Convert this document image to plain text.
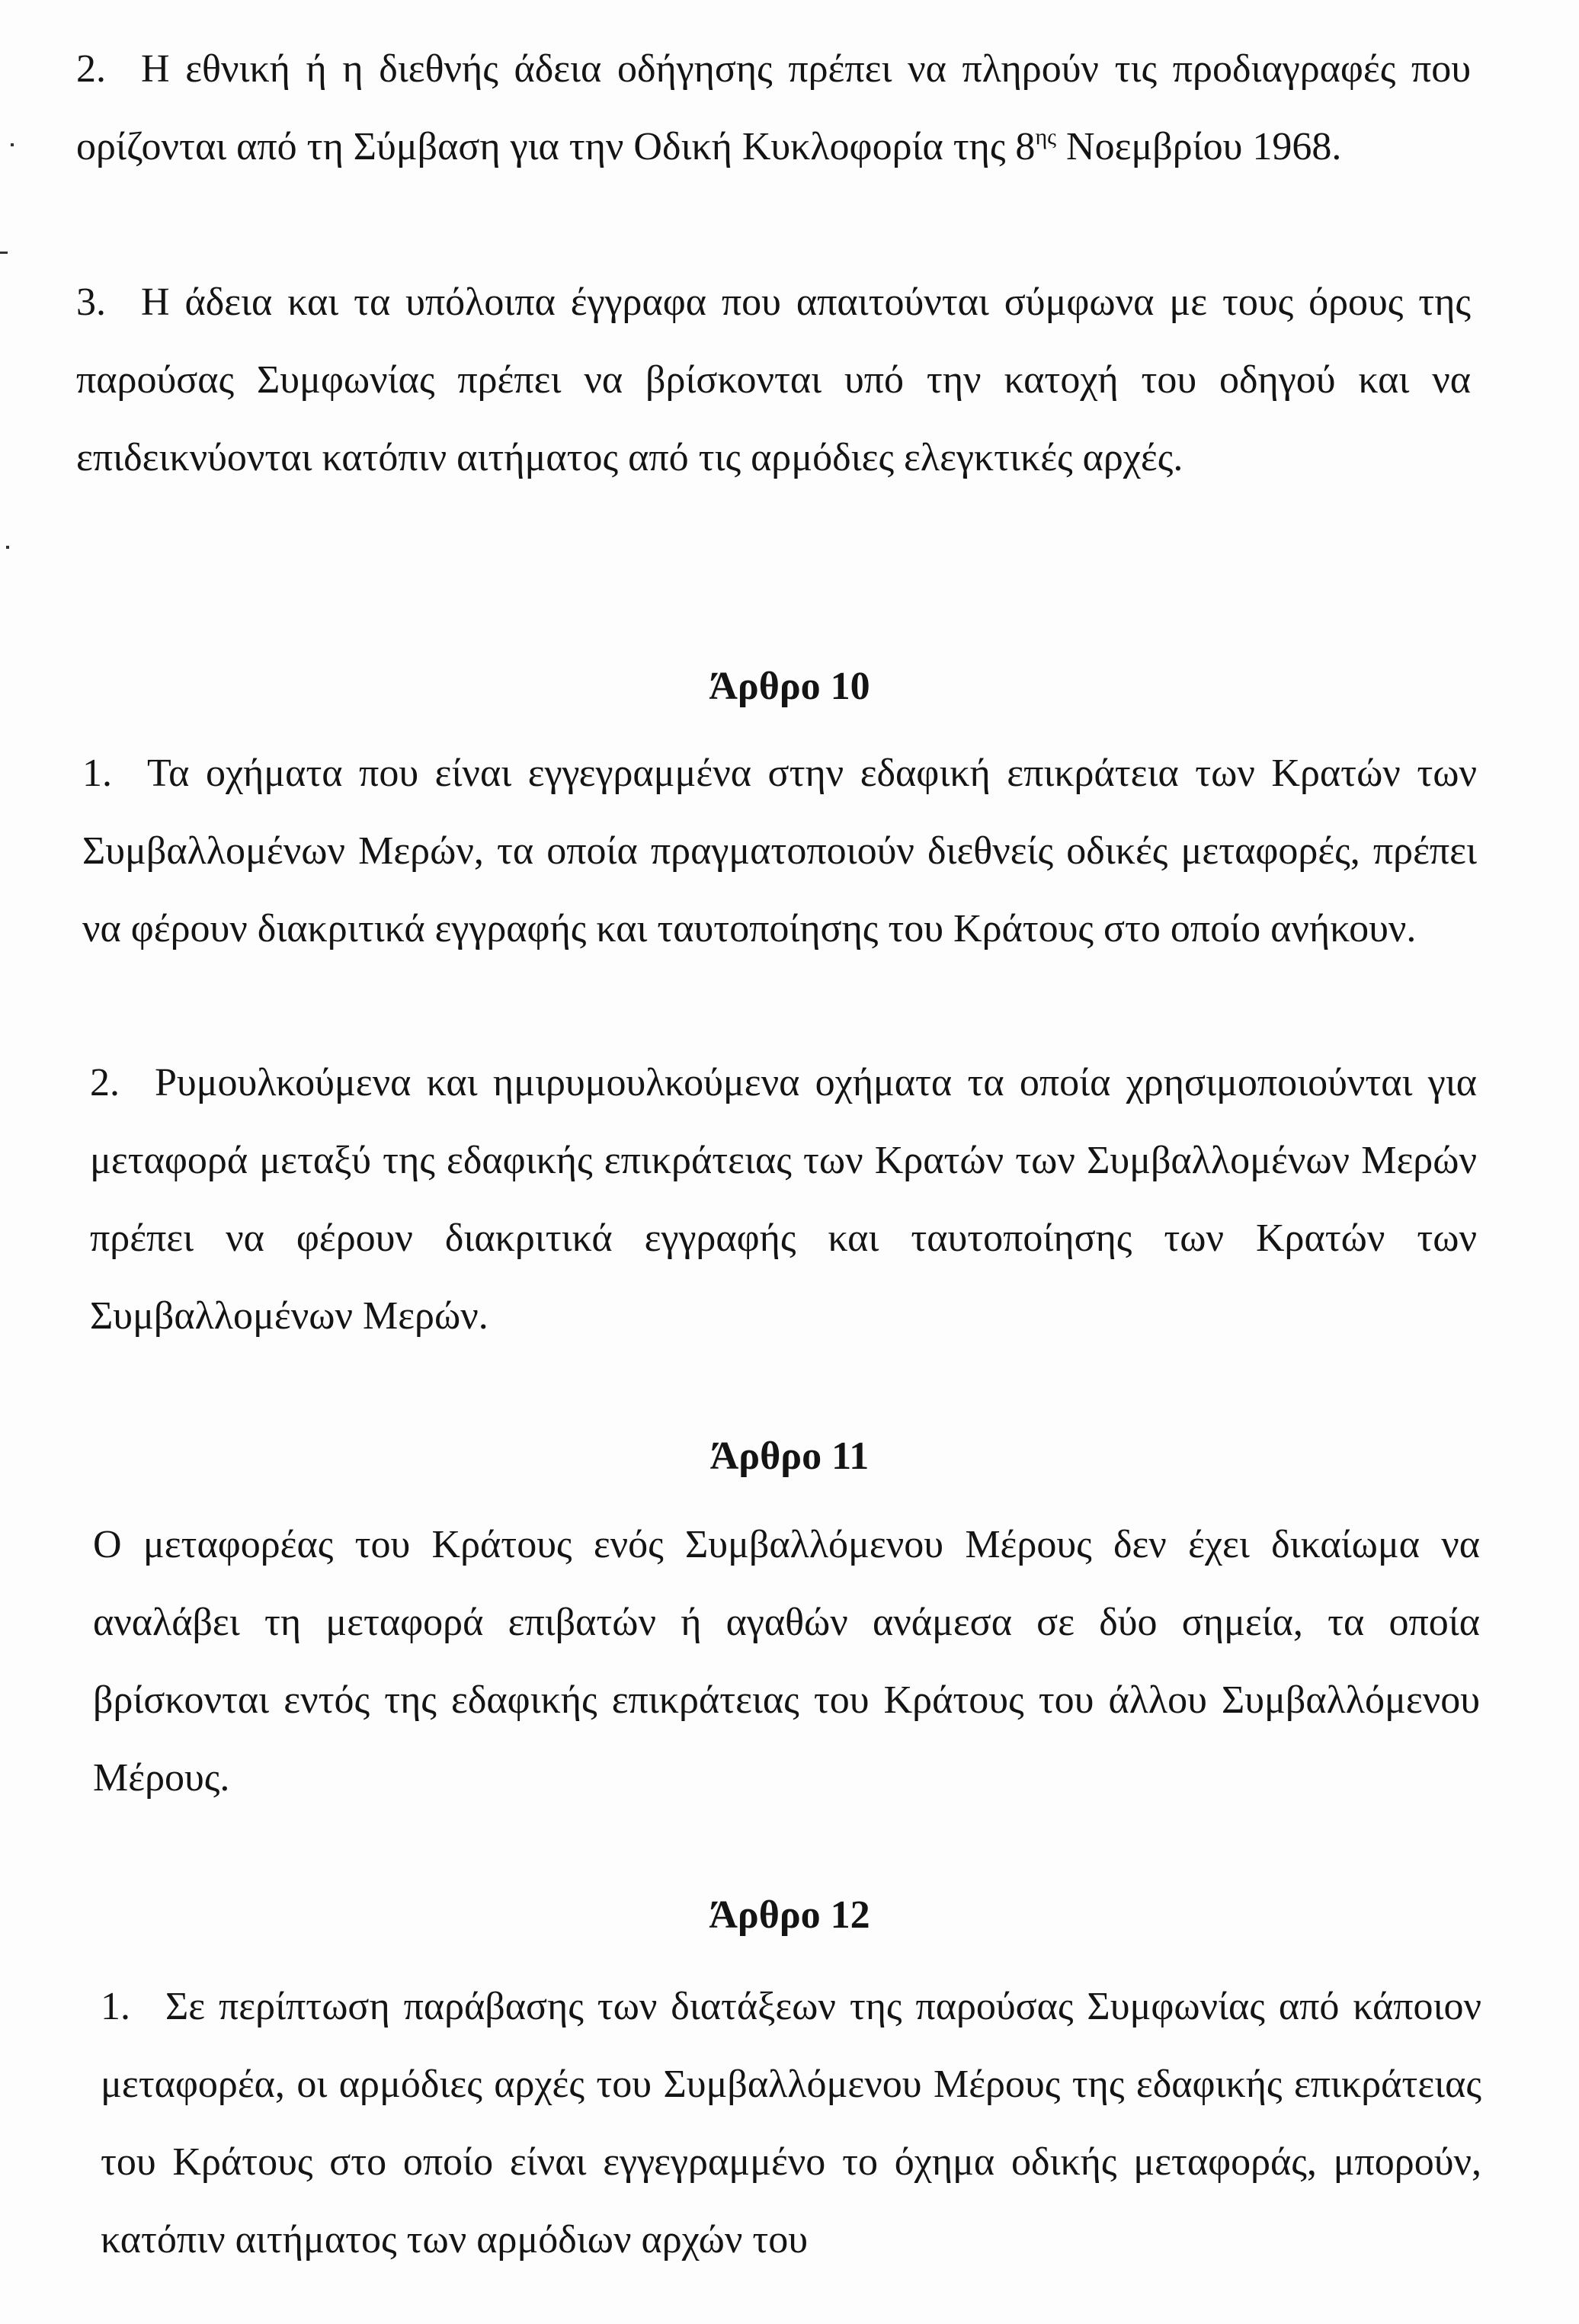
2. Η εθνική ή η διεθνής άδεια οδήγησης πρέπει να πληρούν τις προδιαγραφές που ορίζονται από τη Σύμβαση για την Οδική Κυκλοφορία της $8^{\eta\varsigma}$ Νοεμβρίου 1968.

3. Η άδεια και τα υπόλοιπα έγγραφα που απαιτούνται σύμφωνα με τους όρους της παρούσας Συμφωνίας πρέπει να βρίσκονται υπό την κατοχή του οδηγού και να επιδεικνύονται κατόπιν αιτήματος από τις αρμόδιες ελεγκτικές αρχές.

Άρθρο 10

1. Τα οχήματα που είναι εγγεγραμμένα στην εδαφική επικράτεια των Κρατών των Συμβαλλομένων Μερών, τα οποία πραγματοποιούν διεθνείς οδικές μεταφορές, πρέπει να φέρουν διακριτικά εγγραφής και ταυτοποίησης του Κράτους στο οποίο ανήκουν.

2. Ρυμουλκούμενα και ημιρυμουλκούμενα οχήματα τα οποία χρησιμοποιούνται για μεταφορά μεταξύ της εδαφικής επικράτειας των Κρατών των Συμβαλλομένων Μερών πρέπει να φέρουν διακριτικά εγγραφής και ταυτοποίησης των Κρατών των Συμβαλλομένων Μερών.

Άρθρο 11

Ο μεταφορέας του Κράτους ενός Συμβαλλόμενου Μέρους δεν έχει δικαίωμα να αναλάβει τη μεταφορά επιβατών ή αγαθών ανάμεσα σε δύο σημεία, τα οποία βρίσκονται εντός της εδαφικής επικράτειας του Κράτους του άλλου Συμβαλλόμενου Μέρους.

Άρθρο 12

1. Σε περίπτωση παράβασης των διατάξεων της παρούσας Συμφωνίας από κάποιον μεταφορέα, οι αρμόδιες αρχές του Συμβαλλόμενου Μέρους της εδαφικής επικράτειας του Κράτους στο οποίο είναι εγγεγραμμένο το όχημα οδικής μεταφοράς, μπορούν, κατόπιν αιτήματος των αρμόδιων αρχών του
